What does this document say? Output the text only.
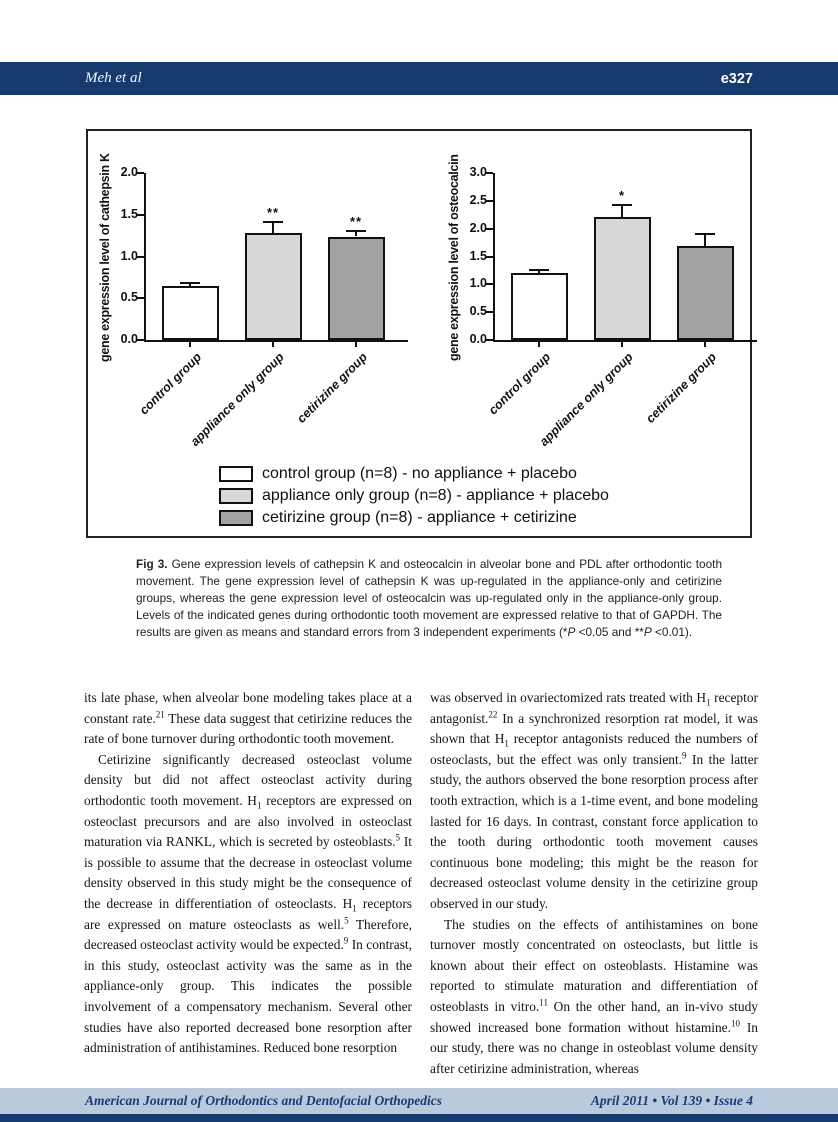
Meh et al	e327
gene expression level of cathepsin K 0.0
0.5
1.0
1.5
2.0
control group
**
appliance only group
**
cetirizine group
gene expression level of osteocalcin 0.0
0.5
1.0
1.5
2.0
2.5
3.0
control group
*
appliance only group cetirizine group
control group (n=8) - no appliance + placebo
appliance only group (n=8) - appliance + placebo
cetirizine group (n=8) - appliance + cetirizine
Fig 3. Gene expression levels of cathepsin K and osteocalcin in alveolar bone and PDL after orthodontic tooth movement. The gene expression level of cathepsin K was up-regulated in the appliance-only and cetirizine groups, whereas the gene expression level of osteocalcin was up-regulated only in the appliance-only group. Levels of the indicated genes during orthodontic tooth movement are expressed relative to that of GAPDH. The results are given as means and standard errors from 3 independent experiments (*P <0.05 and **P <0.01).

its late phase, when alveolar bone modeling takes place at a constant rate.$^{21}$ These data suggest that cetirizine reduces the rate of bone turnover during orthodontic tooth movement.

Cetirizine significantly decreased osteoclast volume density but did not affect osteoclast activity during orthodontic tooth movement. $H_1$ receptors are expressed on osteoclast precursors and are also involved in osteoclast maturation via RANKL, which is secreted by osteoblasts.$^5$ It is possible to assume that the decrease in osteoclast volume density observed in this study might be the consequence of the decrease in differentiation of osteoclasts. $H_1$ receptors are expressed on mature osteoclasts as well.$^5$ Therefore, decreased osteoclast activity would be expected.$^9$ In contrast, in this study, osteoclast activity was the same as in the appliance-only group. This indicates the possible involvement of a compensatory mechanism. Several other studies have also reported decreased bone resorption after administration of antihistamines. Reduced bone resorption

was observed in ovariectomized rats treated with $H_1$ receptor antagonist.$^{22}$ In a synchronized resorption rat model, it was shown that $H_1$ receptor antagonists reduced the numbers of osteoclasts, but the effect was only transient.$^9$ In the latter study, the authors observed the bone resorption process after tooth extraction, which is a 1-time event, and bone modeling lasted for 16 days. In contrast, constant force application to the tooth during orthodontic tooth movement causes continuous bone modeling; this might be the reason for decreased osteoclast volume density in the cetirizine group observed in our study.

The studies on the effects of antihistamines on bone turnover mostly concentrated on osteoclasts, but little is known about their effect on osteoblasts. Histamine was reported to stimulate maturation and differentiation of osteoblasts in vitro.$^{11}$ On the other hand, an in-vivo study showed increased bone formation without histamine.$^{10}$ In our study, there was no change in osteoblast volume density after cetirizine administration, whereas

American Journal of Orthodontics and Dentofacial Orthopedics	April 2011 • Vol 139 • Issue 4
